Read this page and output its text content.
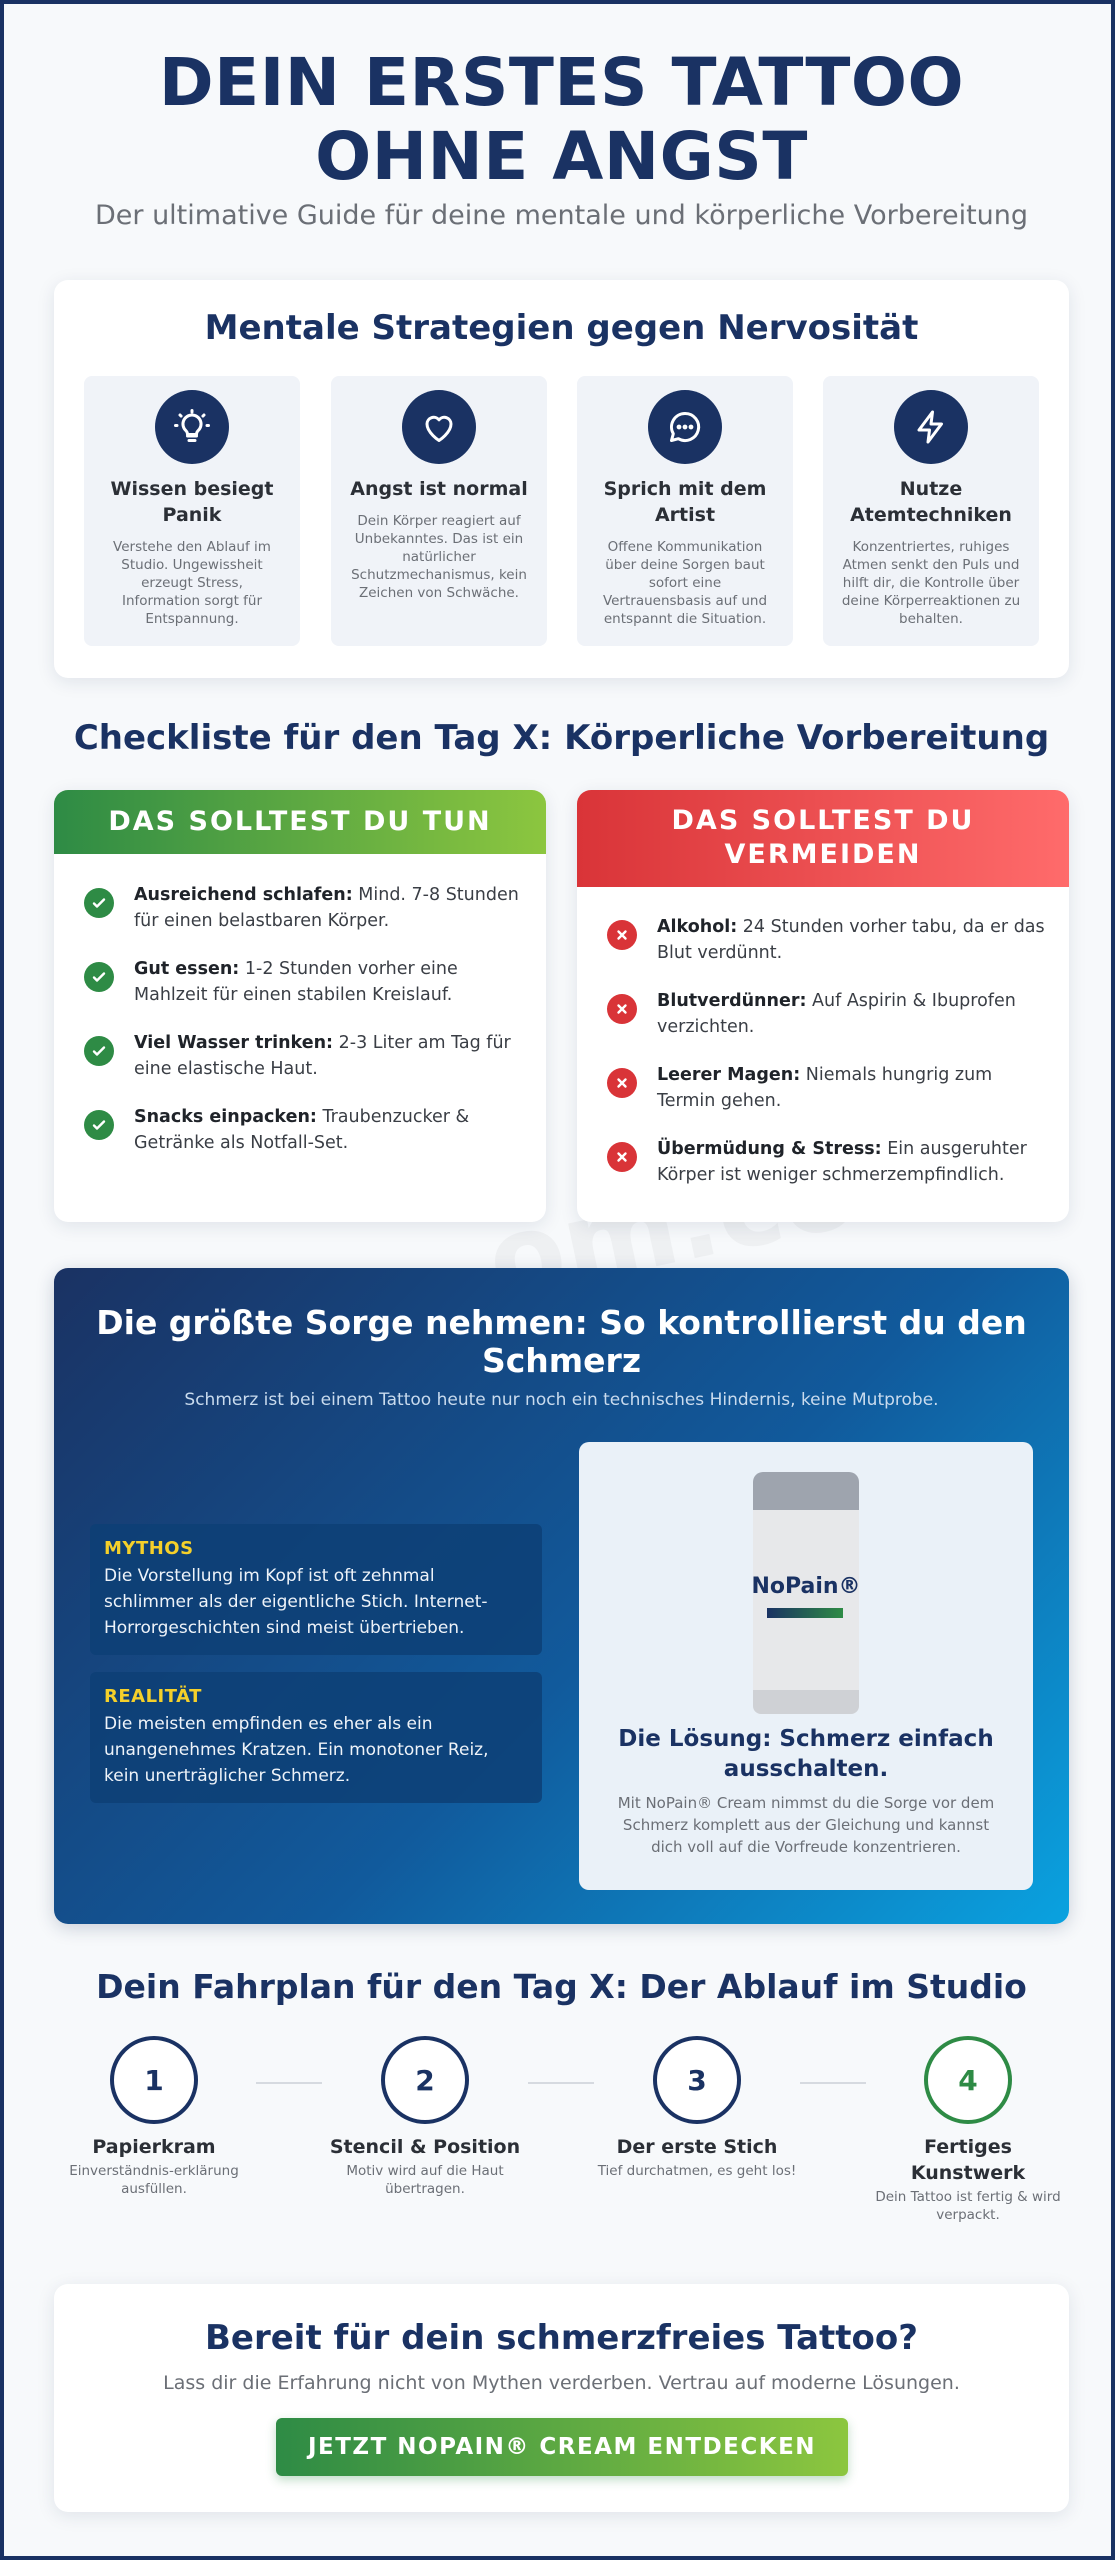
DEIN ERSTES TATTOO OHNE ANGST

Der ultimative Guide für deine mentale und körperliche Vorbereitung

Mentale Strategien gegen Nervosität
Wissen besiegt Panik
Verstehe den Ablauf im Studio. Ungewissheit erzeugt Stress, Information sorgt für Entspannung.
Angst ist normal
Dein Körper reagiert auf Unbekanntes. Das ist ein natürlicher Schutzmechanismus, kein Zeichen von Schwäche.
Sprich mit dem Artist
Offene Kommunikation über deine Sorgen baut sofort eine Vertrauensbasis auf und entspannt die Situation.
Nutze Atemtechniken
Konzentriertes, ruhiges Atmen senkt den Puls und hilft dir, die Kontrolle über deine Körperreaktionen zu behalten.
Checkliste für den Tag X: Körperliche Vorbereitung
DAS SOLLTEST DU TUN
Ausreichend schlafen: Mind. 7-8 Stunden für einen belastbaren Körper.
Gut essen: 1-2 Stunden vorher eine Mahlzeit für einen stabilen Kreislauf.
Viel Wasser trinken: 2-3 Liter am Tag für eine elastische Haut.
Snacks einpacken: Traubenzucker & Getränke als Notfall-Set.
DAS SOLLTEST DU VERMEIDEN
Alkohol: 24 Stunden vorher tabu, da er das Blut verdünnt.
Blutverdünner: Auf Aspirin & Ibuprofen verzichten.
Leerer Magen: Niemals hungrig zum Termin gehen.
Übermüdung & Stress: Ein ausgeruhter Körper ist weniger schmerzempfindlich.
Die größte Sorge nehmen: So kontrollierst du den Schmerz

Schmerz ist bei einem Tattoo heute nur noch ein technisches Hindernis, keine Mutprobe.

MYTHOS
Die Vorstellung im Kopf ist oft zehnmal schlimmer als der eigentliche Stich. Internet-Horrorgeschichten sind meist übertrieben.
REALITÄT
Die meisten empfinden es eher als ein unangenehmes Kratzen. Ein monotoner Reiz, kein unerträglicher Schmerz.
NoPain®
Die Lösung: Schmerz einfach ausschalten.
Mit NoPain® Cream nimmst du die Sorge vor dem Schmerz komplett aus der Gleichung und kannst dich voll auf die Vorfreude konzentrieren.
Dein Fahrplan für den Tag X: Der Ablauf im Studio
1
Papierkram
Einverständnis-erklärung ausfüllen.
2
Stencil & Position
Motiv wird auf die Haut übertragen.
3
Der erste Stich
Tief durchatmen, es geht los!
4
Fertiges Kunstwerk
Dein Tattoo ist fertig & wird verpackt.
Bereit für dein schmerzfreies Tattoo?

Lass dir die Erfahrung nicht von Mythen verderben. Vertrau auf moderne Lösungen.

JETZT NOPAIN® CREAM ENTDECKEN
